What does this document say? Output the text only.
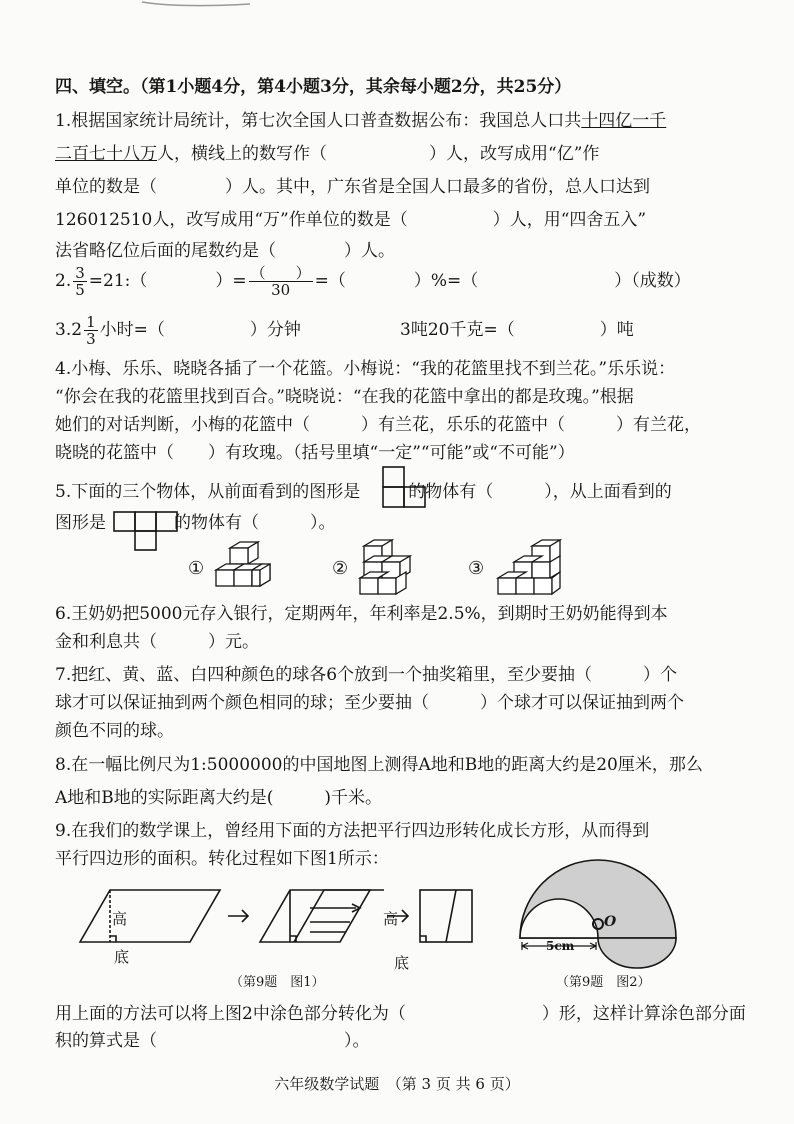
四、填空。（第1小题4分，第4小题3分，其余每小题2分，共25分）
1.根据国家统计局统计，第七次全国人口普查数据公布：我国总人口共十四亿一千
二百七十八万人，横线上的数写作（　　　　　　）人，改写成用“亿”作
单位的数是（　　　　）人。其中，广东省是全国人口最多的省份，总人口达到
126012510人，改写成用“万”作单位的数是（　　　　　）人，用“四舍五入”
法省略亿位后面的尾数约是（　　　　）人。
2. $\frac{3}{5}$ =21:（　　　　）= $\frac{( )}{30}$ =（　　　　）%=（　　　　　　　　）（成数）
$3.2 \frac{1}{3}$ 小时=（　　　　　）分钟	3吨20千克=（　　　　　）吨
4.小梅、乐乐、晓晓各插了一个花篮。小梅说：“我的花篮里找不到兰花。”乐乐说：
“你会在我的花篮里找到百合。”晓晓说：“在我的花篮中拿出的都是玫瑰。”根据
她们的对话判断，小梅的花篮中（　　　）有兰花，乐乐的花篮中（　　　）有兰花，
晓晓的花篮中（　　）有玫瑰。（括号里填“一定”“可能”或“不可能”）
5.下面的三个物体，从前面看到的图形是	的物体有（　　　），从上面看到的
图形是	的物体有（　　　）。
①	②	③
6.王奶奶把5000元存入银行，定期两年，年利率是2.5%，到期时王奶奶能得到本
金和利息共（　　　）元。
7.把红、黄、蓝、白四种颜色的球各6个放到一个抽奖箱里，至少要抽（　　　）个
球才可以保证抽到两个颜色相同的球；至少要抽（　　　）个球才可以保证抽到两个
颜色不同的球。
8.在一幅比例尺为1:5000000的中国地图上测得A地和B地的距离大约是20厘米，那么
A地和B地的实际距离大约是(　　　)千米。
9.在我们的数学课上，曾经用下面的方法把平行四边形转化成长方形，从而得到
平行四边形的面积。转化过程如下图1所示：
高	高
底	底
（第9题　图1）
5cm
O
（第9题　图2）
用上面的方法可以将上图2中涂色部分转化为（　　　　　　　　）形，这样计算涂色部分面
积的算式是（　　　　　　　　　　　）。
六年级数学试题　（第 3 页 共 6 页）
